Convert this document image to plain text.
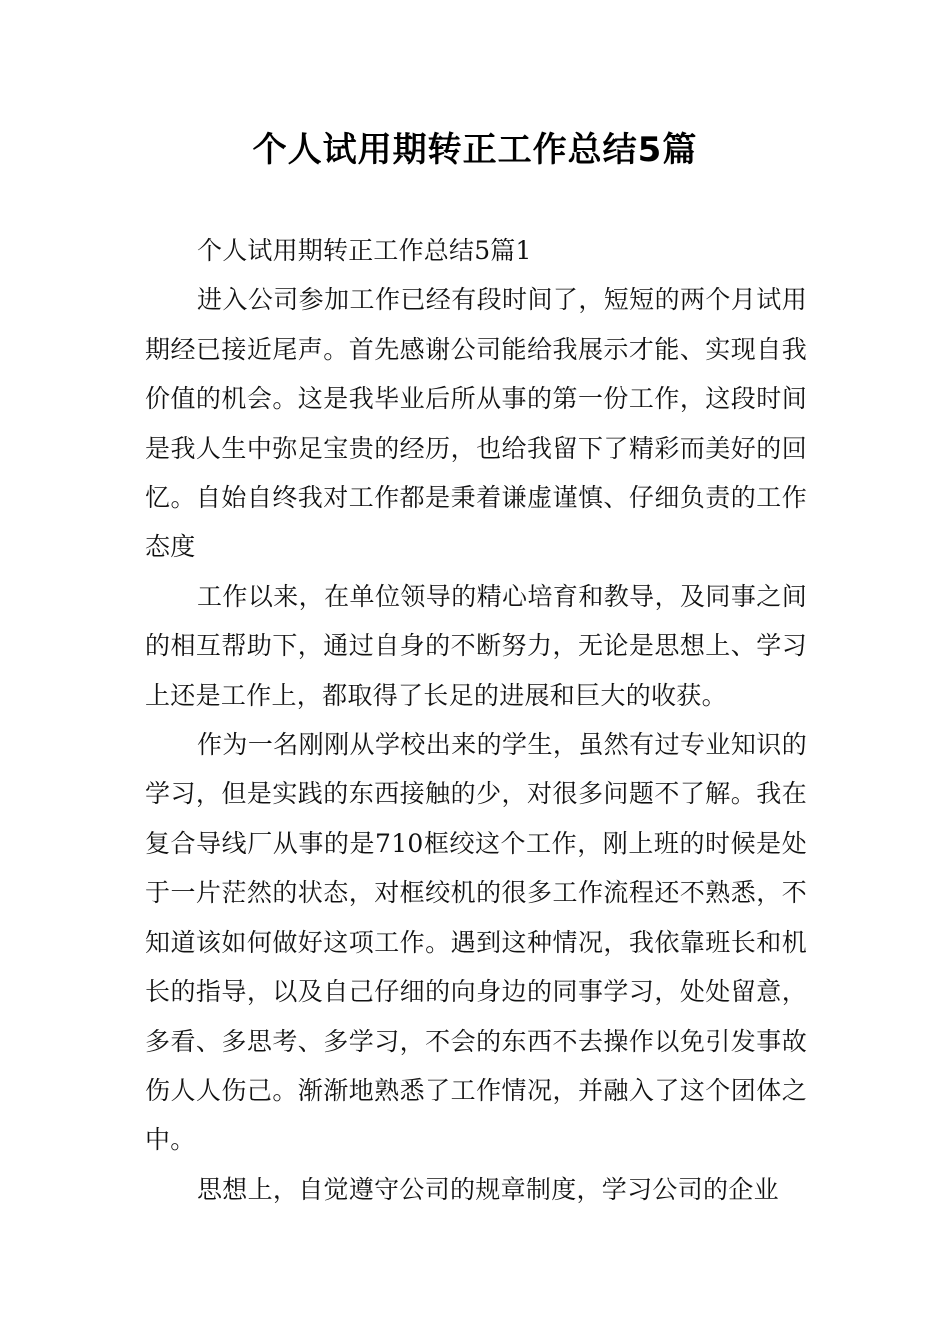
个人试用期转正工作总结5篇

个人试用期转正工作总结5篇1

进入公司参加工作已经有段时间了，短短的两个月试用期经已接近尾声。首先感谢公司能给我展示才能、实现自我价值的机会。这是我毕业后所从事的第一份工作，这段时间是我人生中弥足宝贵的经历，也给我留下了精彩而美好的回忆。自始自终我对工作都是秉着谦虚谨慎、仔细负责的工作态度

工作以来，在单位领导的精心培育和教导，及同事之间的相互帮助下，通过自身的不断努力，无论是思想上、学习上还是工作上，都取得了长足的进展和巨大的收获。

作为一名刚刚从学校出来的学生，虽然有过专业知识的学习，但是实践的东西接触的少，对很多问题不了解。我在复合导线厂从事的是710框绞这个工作，刚上班的时候是处于一片茫然的状态，对框绞机的很多工作流程还不熟悉，不知道该如何做好这项工作。遇到这种情况，我依靠班长和机长的指导，以及自己仔细的向身边的同事学习，处处留意，多看、多思考、多学习，不会的东西不去操作以免引发事故伤人人伤己。渐渐地熟悉了工作情况，并融入了这个团体之中。

思想上，自觉遵守公司的规章制度，学习公司的企业
